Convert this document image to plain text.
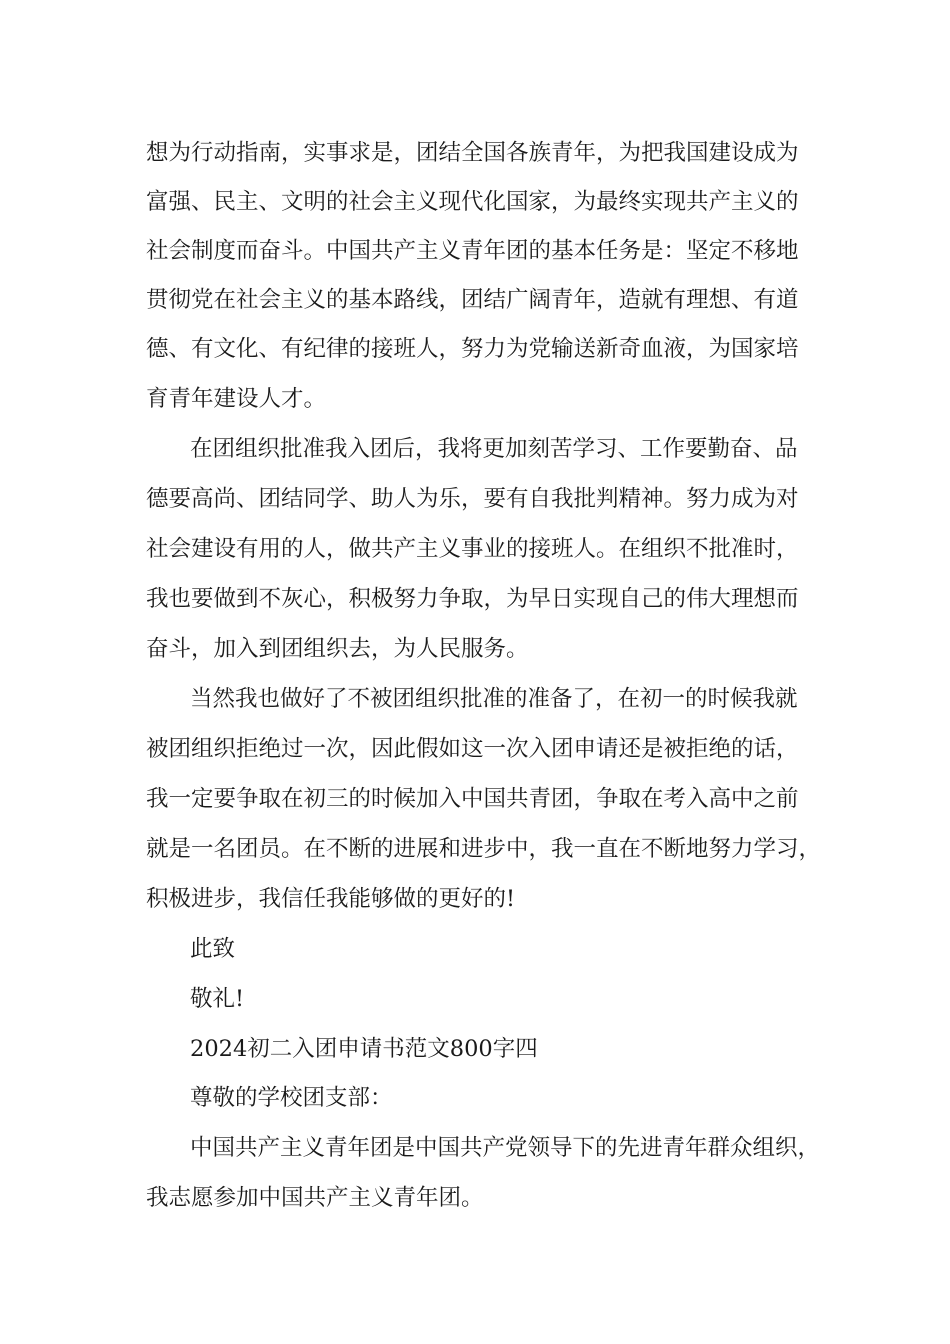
想为行动指南，实事求是，团结全国各族青年，为把我国建设成为
富强、民主、文明的社会主义现代化国家，为最终实现共产主义的
社会制度而奋斗。中国共产主义青年团的基本任务是：坚定不移地
贯彻党在社会主义的基本路线，团结广阔青年，造就有理想、有道
德、有文化、有纪律的接班人，努力为党输送新奇血液，为国家培
育青年建设人才。
在团组织批准我入团后，我将更加刻苦学习、工作要勤奋、品
德要高尚、团结同学、助人为乐，要有自我批判精神。努力成为对
社会建设有用的人，做共产主义事业的接班人。在组织不批准时，
我也要做到不灰心，积极努力争取，为早日实现自己的伟大理想而
奋斗，加入到团组织去，为人民服务。
当然我也做好了不被团组织批准的准备了，在初一的时候我就
被团组织拒绝过一次，因此假如这一次入团申请还是被拒绝的话，
我一定要争取在初三的时候加入中国共青团，争取在考入高中之前
就是一名团员。在不断的进展和进步中，我一直在不断地努力学习，
积极进步，我信任我能够做的更好的!
此致
敬礼!
2024初二入团申请书范文800字四
尊敬的学校团支部：
中国共产主义青年团是中国共产党领导下的先进青年群众组织，
我志愿参加中国共产主义青年团。
